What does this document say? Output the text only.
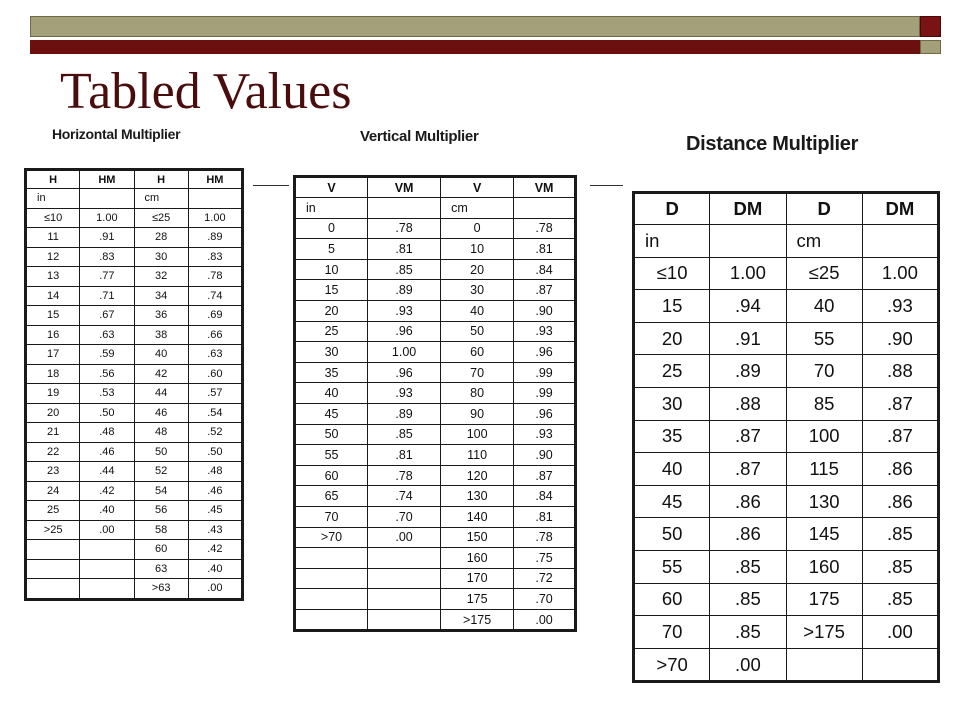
Tabled Values

Horizontal Multiplier	Vertical Multiplier	Distance Multiplier

H	HM	H	HM
in		cm	
≤10	1.00	≤25	1.00
11	.91	28	.89
12	.83	30	.83
13	.77	32	.78
14	.71	34	.74
15	.67	36	.69
16	.63	38	.66
17	.59	40	.63
18	.56	42	.60
19	.53	44	.57
20	.50	46	.54
21	.48	48	.52
22	.46	50	.50
23	.44	52	.48
24	.42	54	.46
25	.40	56	.45
>25	.00	58	.43
		60	.42
		63	.40
		>63	.00
V	VM	V	VM
in		cm	
0	.78	0	.78
5	.81	10	.81
10	.85	20	.84
15	.89	30	.87
20	.93	40	.90
25	.96	50	.93
30	1.00	60	.96
35	.96	70	.99
40	.93	80	.99
45	.89	90	.96
50	.85	100	.93
55	.81	110	.90
60	.78	120	.87
65	.74	130	.84
70	.70	140	.81
>70	.00	150	.78
		160	.75
		170	.72
		175	.70
		>175	.00
D	DM	D	DM
in		cm	
≤10	1.00	≤25	1.00
15	.94	40	.93
20	.91	55	.90
25	.89	70	.88
30	.88	85	.87
35	.87	100	.87
40	.87	115	.86
45	.86	130	.86
50	.86	145	.85
55	.85	160	.85
60	.85	175	.85
70	.85	>175	.00
>70	.00		
